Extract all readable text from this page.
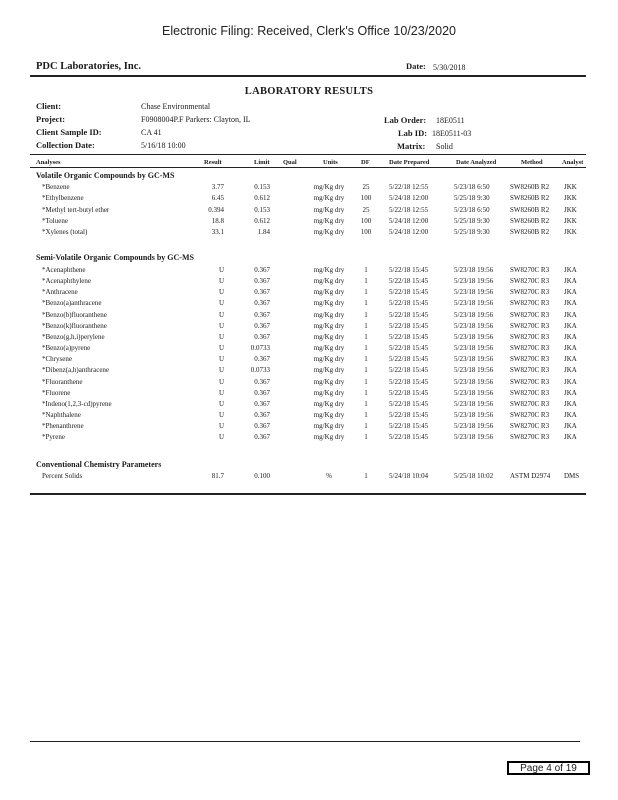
Electronic Filing: Received, Clerk's Office 10/23/2020
PDC Laboratories, Inc.	Date: 5/30/2018
LABORATORY RESULTS
Client:	Chase Environmental
Project:	F0908004P.F Parkers: Clayton, IL
Client Sample ID:	CA 41
Collection Date:	5/16/18 10:00
Lab Order: 18E0511
Lab ID: 18E0511-03
Matrix: Solid
Analyses	Result	Limit Qual	Units	DF	Date Prepared	Date Analyzed	Method	Analyst
Volatile Organic Compounds by GC-MS
*Benzene	3.77	0.153	mg/Kg dry	25	5/22/18 12:55	5/23/18 6:50	SW8260B R2 JKK
*Ethylbenzene	6.45	0.612	mg/Kg dry	100	5/24/18 12:00	5/25/18 9:30	SW8260B R2 JKK
*Methyl tert-butyl ether	0.394	0.153	mg/Kg dry	25	5/22/18 12:55	5/23/18 6:50	SW8260B R2 JKK
*Toluene	18.8	0.612	mg/Kg dry	100	5/24/18 12:00	5/25/18 9:30	SW8260B R2 JKK
*Xylenes (total)	33.1	1.84	mg/Kg dry	100	5/24/18 12:00	5/25/18 9:30	SW8260B R2 JKK
Semi-Volatile Organic Compounds by GC-MS
*Acenaphthene	U	0.367	mg/Kg dry	1	5/22/18 15:45	5/23/18 19:56 SW8270C R3 JKA
*Acenaphthylene	U	0.367	mg/Kg dry	1	5/22/18 15:45	5/23/18 19:56 SW8270C R3 JKA
*Anthracene	U	0.367	mg/Kg dry	1	5/22/18 15:45	5/23/18 19:56 SW8270C R3 JKA
*Benzo(a)anthracene	U	0.367	mg/Kg dry	1	5/22/18 15:45	5/23/18 19:56 SW8270C R3 JKA
*Benzo(b)fluoranthene	U	0.367	mg/Kg dry	1	5/22/18 15:45	5/23/18 19:56 SW8270C R3 JKA
*Benzo(k)fluoranthene	U	0.367	mg/Kg dry	1	5/22/18 15:45	5/23/18 19:56 SW8270C R3 JKA
*Benzo(g,h,i)perylene	U	0.367	mg/Kg dry	1	5/22/18 15:45	5/23/18 19:56 SW8270C R3 JKA
*Benzo(a)pyrene	U	0.0733	mg/Kg dry	1	5/22/18 15:45	5/23/18 19:56 SW8270C R3 JKA
*Chrysene	U	0.367	mg/Kg dry	1	5/22/18 15:45	5/23/18 19:56 SW8270C R3 JKA
*Dibenz(a,h)anthracene	U	0.0733	mg/Kg dry	1	5/22/18 15:45	5/23/18 19:56 SW8270C R3 JKA
*Fluoranthene	U	0.367	mg/Kg dry	1	5/22/18 15:45	5/23/18 19:56 SW8270C R3 JKA
*Fluorene	U	0.367	mg/Kg dry	1	5/22/18 15:45	5/23/18 19:56 SW8270C R3 JKA
*Indeno(1,2,3-cd)pyrene	U	0.367	mg/Kg dry	1	5/22/18 15:45	5/23/18 19:56 SW8270C R3 JKA
*Naphthalene	U	0.367	mg/Kg dry	1	5/22/18 15:45	5/23/18 19:56 SW8270C R3 JKA
*Phenanthrene	U	0.367	mg/Kg dry	1	5/22/18 15:45	5/23/18 19:56 SW8270C R3 JKA
*Pyrene	U	0.367	mg/Kg dry	1	5/22/18 15:45	5/23/18 19:56 SW8270C R3 JKA
Conventional Chemistry Parameters
Percent Solids	81.7	0.100	%	1	5/24/18 10:04	5/25/18 10:02 ASTM D2974 DMS
Page 4 of 19
